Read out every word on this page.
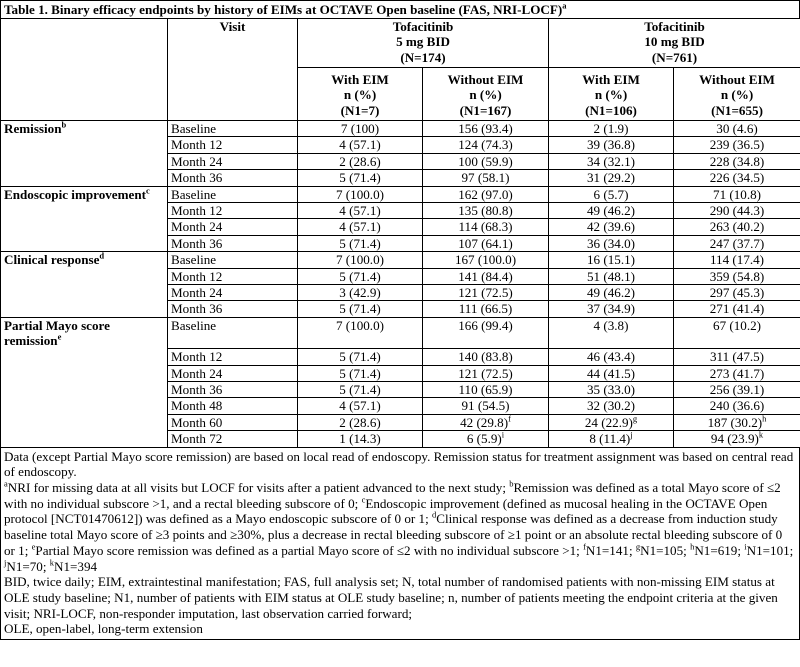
Table 1. Binary efficacy endpoints by history of EIMs at OCTAVE Open baseline (FAS, NRI-LOCF)$^a$
	Visit	Tofacitinib
5 mg BID
(N=174)		Tofacitinib
10 mg BID
(N=761)	
		With EIM
n (%)
(N1=7)	Without EIM
n (%)
(N1=167)	With EIM
n (%)
(N1=106)	Without EIM
n (%)
(N1=655)
Remission$^b$	Baseline	7 (100)	156 (93.4)	2 (1.9)	30 (4.6)
	Month 12	4 (57.1)	124 (74.3)	39 (36.8)	239 (36.5)
	Month 24	2 (28.6)	100 (59.9)	34 (32.1)	228 (34.8)
	Month 36	5 (71.4)	97 (58.1)	31 (29.2)	226 (34.5)
Endoscopic improvement$^c$	Baseline	7 (100.0)	162 (97.0)	6 (5.7)	71 (10.8)
	Month 12	4 (57.1)	135 (80.8)	49 (46.2)	290 (44.3)
	Month 24	4 (57.1)	114 (68.3)	42 (39.6)	263 (40.2)
	Month 36	5 (71.4)	107 (64.1)	36 (34.0)	247 (37.7)
Clinical response$^d$	Baseline	7 (100.0)	167 (100.0)	16 (15.1)	114 (17.4)
	Month 12	5 (71.4)	141 (84.4)	51 (48.1)	359 (54.8)
	Month 24	3 (42.9)	121 (72.5)	49 (46.2)	297 (45.3)
	Month 36	5 (71.4)	111 (66.5)	37 (34.9)	271 (41.4)
Partial Mayo score remission$^e$	Baseline	7 (100.0)	166 (99.4)	4 (3.8)	67 (10.2)
	Month 12	5 (71.4)	140 (83.8)	46 (43.4)	311 (47.5)
	Month 24	5 (71.4)	121 (72.5)	44 (41.5)	273 (41.7)
	Month 36	5 (71.4)	110 (65.9)	35 (33.0)	256 (39.1)
	Month 48	4 (57.1)	91 (54.5)	32 (30.2)	240 (36.6)
	Month 60	2 (28.6)	42 $(29.8)^f$	24 $(22.9)^g$	187 $(30.2)^h$
	Month 72	1 (14.3)	6 $(5.9)^i$	8 $(11.4)^j$	94 $(23.9)^k$

Data (except Partial Mayo score remission) are based on local read of endoscopy. Remission status for treatment assignment was based on central read of endoscopy.

$^a$NRI for missing data at all visits but LOCF for visits after a patient advanced to the next study; $^b$Remission was defined as a total Mayo score of ≤2 with no individual subscore >1, and a rectal bleeding subscore of 0; $^c$Endoscopic improvement (defined as mucosal healing in the OCTAVE Open protocol [NCT01470612]) was defined as a Mayo endoscopic subscore of 0 or 1; $^d$Clinical response was defined as a decrease from induction study baseline total Mayo score of ≥3 points and ≥30%, plus a decrease in rectal bleeding subscore of ≥1 point or an absolute rectal bleeding subscore of 0 or 1; $^e$Partial Mayo score remission was defined as a partial Mayo score of ≤2 with no individual subscore >1; $^f$N1=141; $^g$N1=105; $^h$N1=619; $^i$N1=101; $^j$N1=70; $^k$N1=394

BID, twice daily; EIM, extraintestinal manifestation; FAS, full analysis set; N, total number of randomised patients with non-missing EIM status at OLE study baseline; N1, number of patients with EIM status at OLE study baseline; n, number of patients meeting the endpoint criteria at the given visit; NRI-LOCF, non-responder imputation, last observation carried forward;

OLE, open-label, long-term extension
